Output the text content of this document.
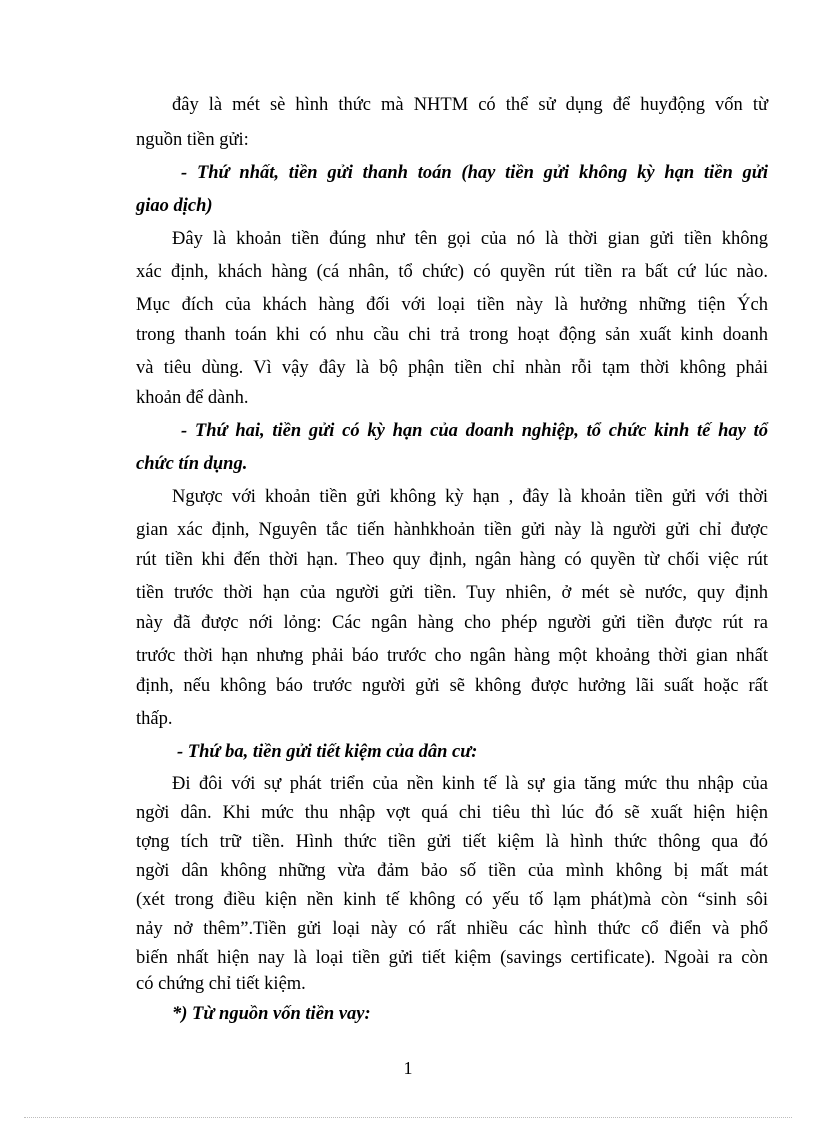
đây là mét sè hình thức mà NHTM có thể sử dụng để huyđộng vốn từ
nguồn tiền gửi:
- Thứ nhất, tiền gửi thanh toán (hay tiền gửi không kỳ hạn tiền gửi
giao dịch)
Đây là khoản tiền đúng như tên gọi của nó là thời gian gửi tiền không
xác định, khách hàng (cá nhân, tổ chức) có quyền rút tiền ra bất cứ lúc nào.
Mục đích của khách hàng đối với loại tiền này là hưởng những tiện Ých
trong thanh toán khi có nhu cầu chi trả trong hoạt động sản xuất kinh doanh
và tiêu dùng. Vì vậy đây là bộ phận tiền chỉ nhàn rỗi tạm thời không phải
khoản để dành.
- Thứ hai, tiền gửi có kỳ hạn của doanh nghiệp, tổ chức kinh tế hay tổ
chức tín dụng.
Ngược với khoản tiền gửi không kỳ hạn , đây là khoản tiền gửi với thời
gian xác định, Nguyên tắc tiến hànhkhoản tiền gửi này là người gửi chỉ được
rút tiền khi đến thời hạn. Theo quy định, ngân hàng có quyền từ chối việc rút
tiền trước thời hạn của người gửi tiền. Tuy nhiên, ở mét sè nước, quy định
này đã được nới lỏng: Các ngân hàng cho phép người gửi tiền được rút ra
trước thời hạn nhưng phải báo trước cho ngân hàng một khoảng thời gian nhất
định, nếu không báo trước người gửi sẽ không được hưởng lãi suất hoặc rất
thấp.
- Thứ ba, tiền gửi tiết kiệm của dân cư:
Đi đôi với sự phát triển của nền kinh tế là sự gia tăng mức thu nhập của
ngời dân. Khi mức thu nhập vợt quá chi tiêu thì lúc đó sẽ xuất hiện hiện
tợng tích trữ tiền. Hình thức tiền gửi tiết kiệm là hình thức thông qua đó
ngời dân không những vừa đảm bảo số tiền của mình không bị mất mát
(xét trong điều kiện nền kinh tế không có yếu tố lạm phát)mà còn “sinh sôi
nảy nở thêm”.Tiền gửi loại này có rất nhiều các hình thức cổ điển và phổ
biến nhất hiện nay là loại tiền gửi tiết kiệm (savings certificate). Ngoài ra còn
có chứng chỉ tiết kiệm.
*) Từ nguồn vốn tiền vay:
1
